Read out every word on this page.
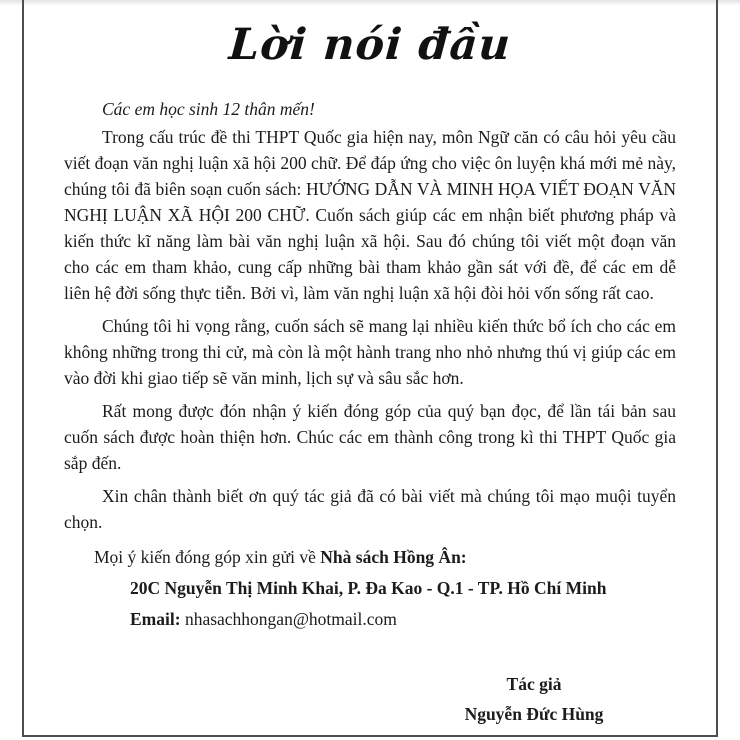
Lời nói đầu

Các em học sinh 12 thân mến!

Trong cấu trúc đề thi THPT Quốc gia hiện nay, môn Ngữ căn có câu hỏi yêu cầu viết đoạn văn nghị luận xã hội 200 chữ. Để đáp ứng cho việc ôn luyện khá mới mẻ này, chúng tôi đã biên soạn cuốn sách: HƯỚNG DẪN VÀ MINH HỌA VIẾT ĐOẠN VĂN NGHỊ LUẬN XÃ HỘI 200 CHỮ. Cuốn sách giúp các em nhận biết phương pháp và kiến thức kĩ năng làm bài văn nghị luận xã hội. Sau đó chúng tôi viết một đoạn văn cho các em tham khảo, cung cấp những bài tham khảo gần sát với đề, để các em dễ liên hệ đời sống thực tiễn. Bởi vì, làm văn nghị luận xã hội đòi hỏi vốn sống rất cao.

Chúng tôi hi vọng rằng, cuốn sách sẽ mang lại nhiều kiến thức bổ ích cho các em không những trong thi cử, mà còn là một hành trang nho nhỏ nhưng thú vị giúp các em vào đời khi giao tiếp sẽ văn minh, lịch sự và sâu sắc hơn.

Rất mong được đón nhận ý kiến đóng góp của quý bạn đọc, để lần tái bản sau cuốn sách được hoàn thiện hơn. Chúc các em thành công trong kì thi THPT Quốc gia sắp đến.

Xin chân thành biết ơn quý tác giả đã có bài viết mà chúng tôi mạo muội tuyển chọn.

Mọi ý kiến đóng góp xin gửi về Nhà sách Hồng Ân:
20C Nguyễn Thị Minh Khai, P. Đa Kao - Q.1 - TP. Hồ Chí Minh
Email: nhasachhongan@hotmail.com
Tác giả
Nguyễn Đức Hùng
